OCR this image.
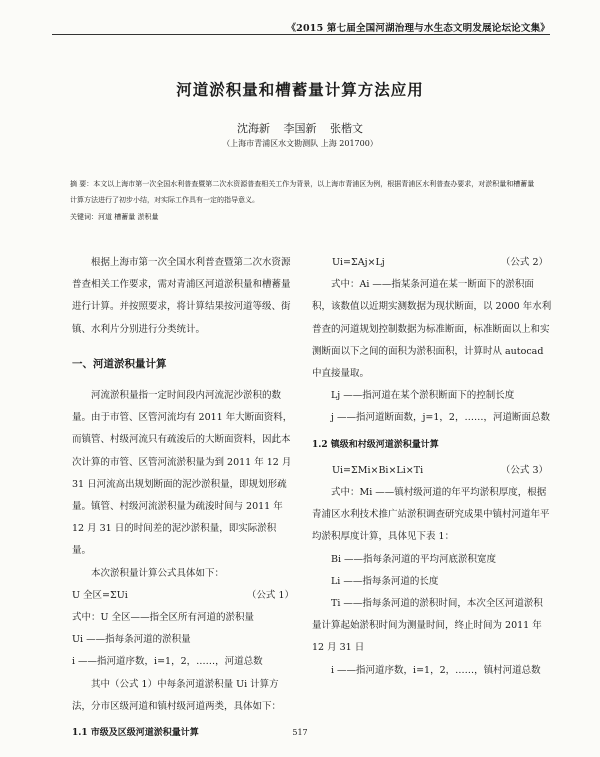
《2015 第七届全国河湖治理与水生态文明发展论坛论文集》
河道淤积量和槽蓄量计算方法应用
沈海新 李国新 张楷文
（上海市青浦区水文勘测队 上海 201700）
摘 要：本文以上海市第一次全国水利普查暨第二次水资源普查相关工作为背景，以上海市青浦区为例，根据青浦区水利普查办要求，对淤积量和槽蓄量计算方法进行了初步小结，对实际工作具有一定的指导意义。
关键词：河道 槽蓄量 淤积量

根据上海市第一次全国水利普查暨第二次水资源普查相关工作要求，需对青浦区河道淤积量和槽蓄量进行计算。并按照要求，将计算结果按河道等级、街镇、水利片分别进行分类统计。

一、河道淤积量计算

河流淤积量指一定时间段内河流泥沙淤积的数量。由于市管、区管河流均有 2011 年大断面资料，而镇管、村级河流只有疏浚后的大断面资料，因此本次计算的市管、区管河流淤积量为到 2011 年 12 月 31 日河流高出规划断面的泥沙淤积量，即规划形疏量。镇管、村级河流淤积量为疏浚时间与 2011 年 12 月 31 日的时间差的泥沙淤积量，即实际淤积量。

本次淤积量计算公式具体如下：

U 全区=ΣUi	（公式 1）

式中：U 全区——指全区所有河道的淤积量

Ui ——指每条河道的淤积量

i ——指河道序数，i=1，2，……，河道总数

其中（公式 1）中每条河道淤积量 Ui 计算方法，分市区级河道和镇村级河道两类，具体如下：

1.1 市级及区级河道淤积量计算

Ui=ΣAj×Lj	（公式 2）

式中：Ai ——指某条河道在某一断面下的淤积面积，该数值以近期实测数据为现状断面，以 2000 年水利普查的河道规划控制数据为标准断面，标准断面以上和实测断面以下之间的面积为淤积面积，计算时从 autocad 中直接量取。

Lj ——指河道在某个淤积断面下的控制长度

j ——指河道断面数，j=1，2，……，河道断面总数

1.2 镇级和村级河道淤积量计算

Ui=ΣMi×Bi×Li×Ti	（公式 3）

式中：Mi ——镇村级河道的年平均淤积厚度，根据青浦区水利技术推广站淤积调查研究成果中镇村河道年平均淤积厚度计算，具体见下表 1：

Bi ——指每条河道的平均河底淤积宽度

Li ——指每条河道的长度

Ti ——指每条河道的淤积时间，本次全区河道淤积量计算起始淤积时间为测量时间，终止时间为 2011 年 12 月 31 日

i ——指河道序数，i=1，2，……，镇村河道总数

517
